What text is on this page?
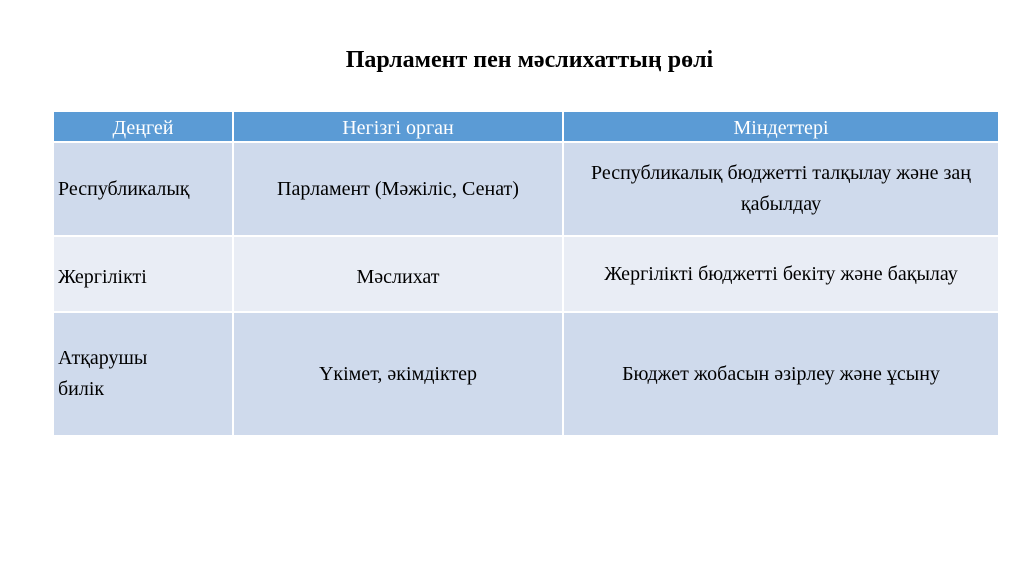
Парламент пен мәслихаттың рөлі
Деңгей	Негізгі орган	Міндеттері
Республикалық	Парламент (Мәжіліс, Сенат)	Республикалық бюджетті талқылау және заң қабылдау
Жергілікті	Мәслихат	Жергілікті бюджетті бекіту және бақылау
Атқарушы билік	Үкімет, әкімдіктер	Бюджет жобасын әзірлеу және ұсыну
